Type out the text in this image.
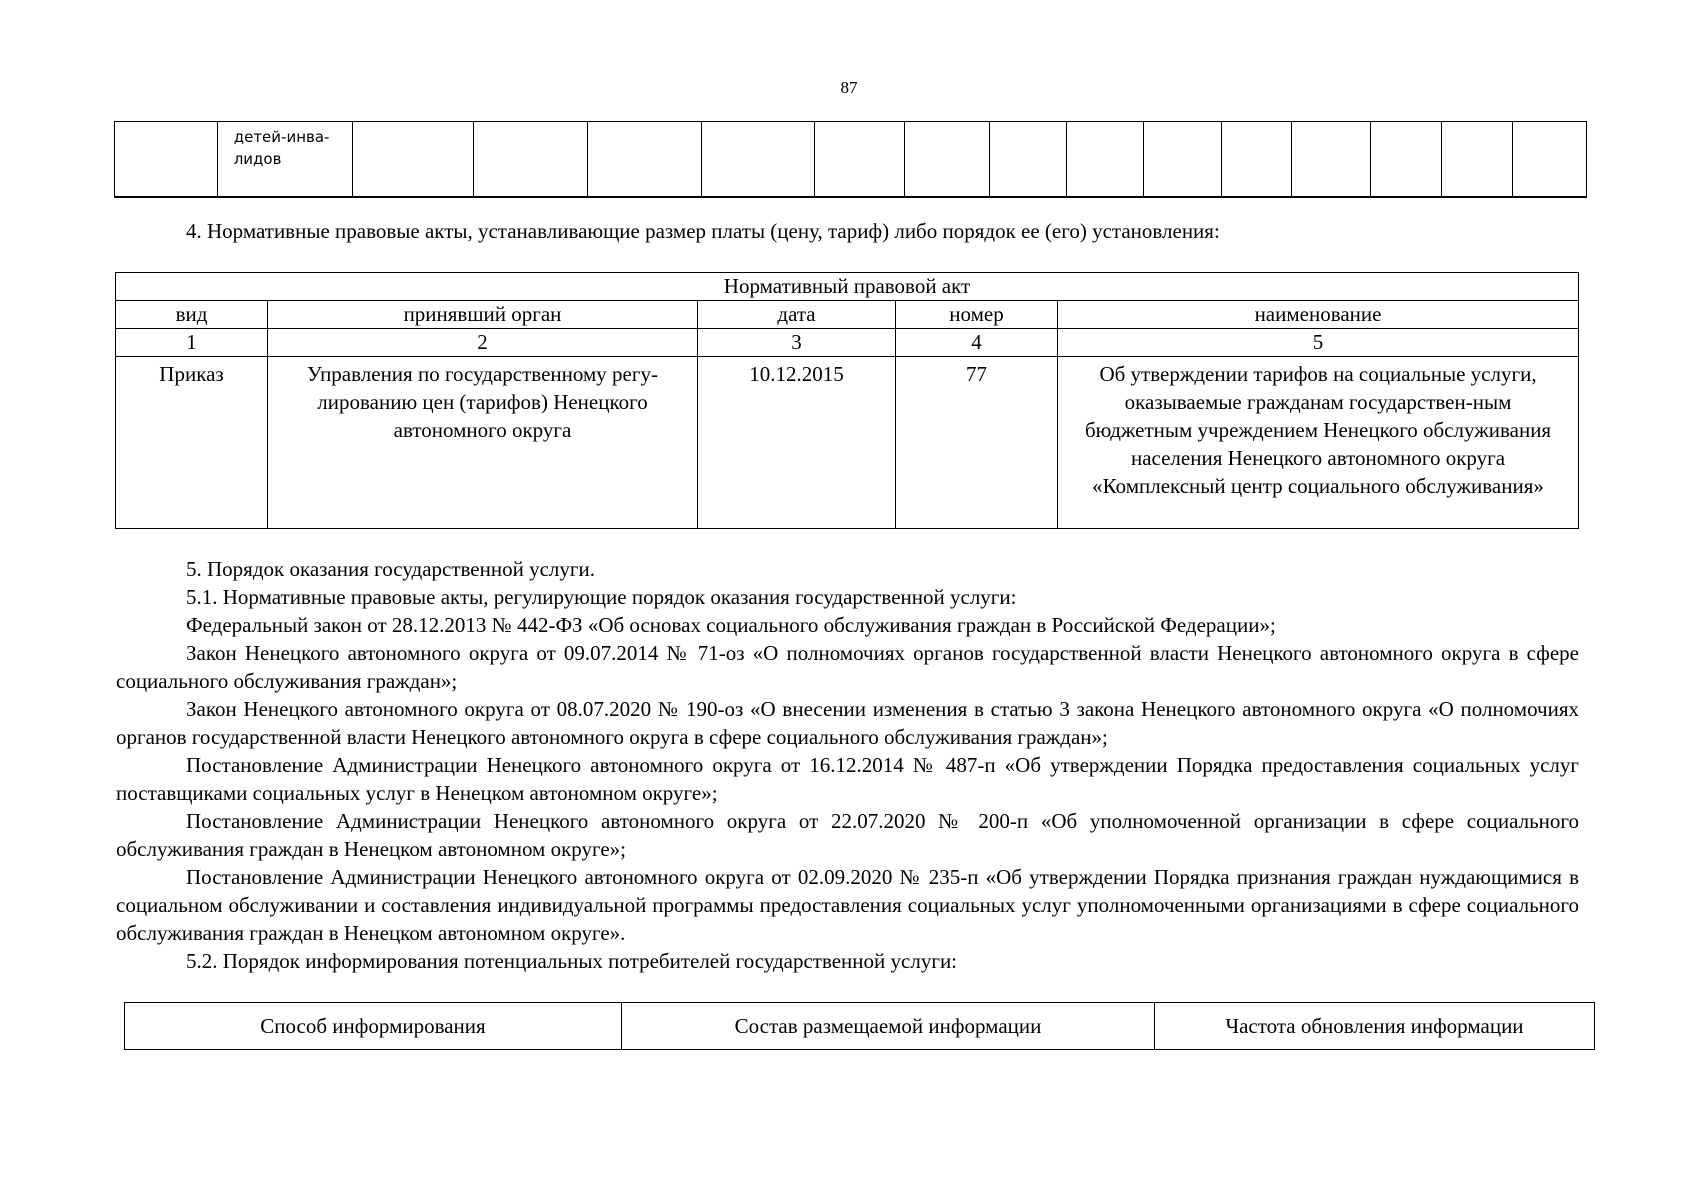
87

детей-инва-
лидов

4. Нормативные правовые акты, устанавливающие размер платы (цену, тариф) либо порядок ее (его) установления:
Нормативный правовой акт				
вид	принявший орган	дата	номер	наименование
1	2	3	4	5
Приказ	Управления по государственному регу-лированию цен (тарифов) Ненецкого автономного округа	10.12.2015	77	Об утверждении тарифов на социальные услуги, оказываемые гражданам государствен-ным бюджетным учреждением Ненецкого обслуживания населения Ненецкого автономного округа «Комплексный центр социального обслуживания»
5. Порядок оказания государственной услуги.
5.1. Нормативные правовые акты, регулирующие порядок оказания государственной услуги:
Федеральный закон от 28.12.2013 № 442-ФЗ «Об основах социального обслуживания граждан в Российской Федерации»;
Закон Ненецкого автономного округа от 09.07.2014 № 71-оз «О полномочиях органов государственной власти Ненецкого автономного округа в сфере социального обслуживания граждан»;
Закон Ненецкого автономного округа от 08.07.2020 № 190-оз «О внесении изменения в статью 3 закона Ненецкого автономного округа «О полномочиях органов государственной власти Ненецкого автономного округа в сфере социального обслуживания граждан»;
Постановление Администрации Ненецкого автономного округа от 16.12.2014 № 487-п «Об утверждении Порядка предоставления социальных услуг поставщиками социальных услуг в Ненецком автономном округе»;
Постановление Администрации Ненецкого автономного округа от 22.07.2020 № 200-п «Об уполномоченной организации в сфере социального обслуживания граждан в Ненецком автономном округе»;
Постановление Администрации Ненецкого автономного округа от 02.09.2020 № 235-п «Об утверждении Порядка признания граждан нуждающимися в социальном обслуживании и составления индивидуальной программы предоставления социальных услуг уполномоченными организациями в сфере социального обслуживания граждан в Ненецком автономном округе».
5.2. Порядок информирования потенциальных потребителей государственной услуги:
Способ информирования	Состав размещаемой информации	Частота обновления информации
